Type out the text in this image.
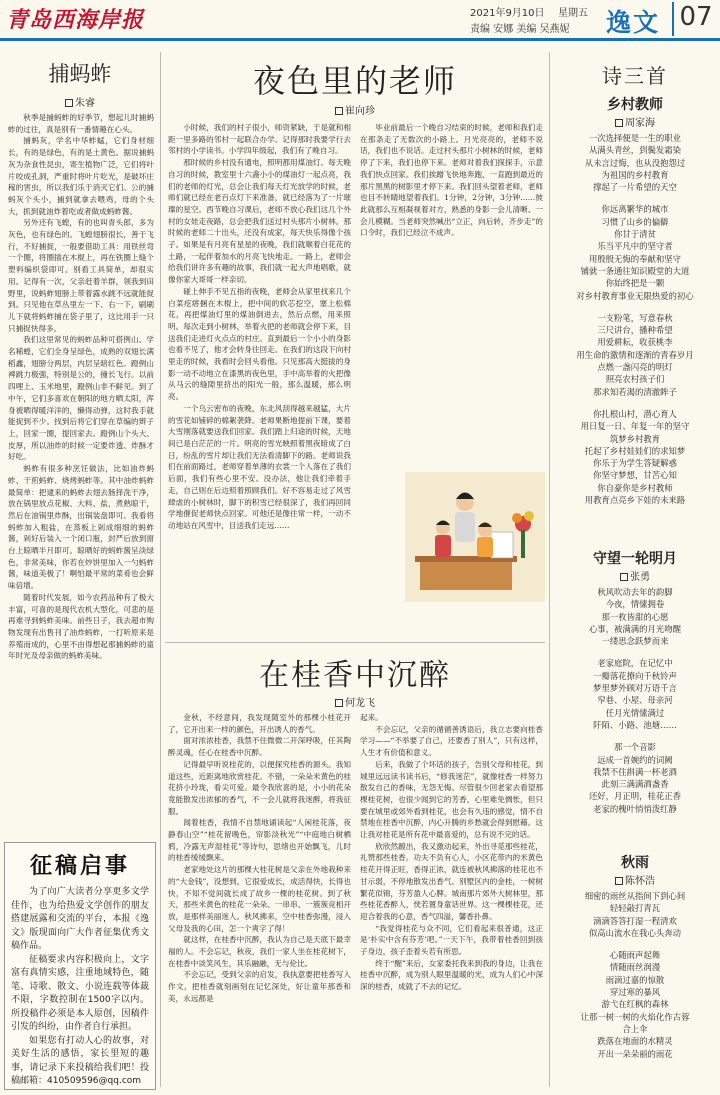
青岛西海岸报	2021年9月10日 星期五
责编 安娜 美编 吴燕妮 逸文 07
捕蚂蚱
朱睿

秋季是捕蚂蚱的好季节，想起儿时捕蚂蚱的过往，真是别有一番情趣在心头。

捕蚂灰，学名中华蚱蜢，它们身材细长，有的是绿色，有的是土黄色。据说捕蚂灰为杂食性昆虫，寄生植物广泛，它们将叶片咬成孔洞，严重时将叶片吃光，是破坏庄稼的害虫，所以我们乐于消灭它们。公的捕蚂灰个头小，捕到就拿去喂鸡，母的个头大，抓到就油炸着吃或者做成蚂蚱酱。

另外还有飞蝗，有的也叫青头郎，多为灰色，也有绿色的。飞蝗翅膀很长，善于飞行，不好捕捉，一般要借助工具：用铁丝弯一个圈，将圈插在木棍上，再在铁圈上缝个塑料编织袋即可。别看工具简单，却很实用。记得有一次，父亲赶着羊群，领我到田野里，说蚂蚱翅膀上带着露水跳不远就能捉到。只见他在草丛里左一下、右一下，刷刷儿下就将蚂蚱捕在袋子里了，这比用手一只只捕捉快得多。

我们这里常见的蚂蚱品种可搭例山、学名稀蝗，它们全身呈绿色，成熟的双翅长满稻鑫，翅膀分两层，内层呈暗红色。蹬例山裨跳力极强，特别是公的，撞长飞行。以前四哩上、玉米地里，蹬例山非不鲜见。到了中午，它们多喜欢在朝阳的地方晒太阳，浑身被晒得暖洋洋的，懒得动弹，这时我手就能捉到不少。找到后将它们穿在草编的辫子上，回家一圈，提回家去。蹬例山个头大、皮厚，所以油炸的时候一定要炸透、炸酥才好吃。

蚂蚱有很多种烹饪做法，比如油炸蚂蚱、干煎蚂蚱、烧烤蚂蚱等。其中油炸蚂蚱最简单：把逮来的蚂蚱去翅去肠择洗干净，放在锅里放点花椒、大料、盐，煮熟晾干，然后在油锅里炸酥，出锅装盘即可。我看将蚂蚱加入粗盐，在蒸板上剁成细细的蚂蚱酱，剁好后装入一个闭口瓶，封严后放到窗台上晾晒半月即可。晾晒好的蚂蚱酱呈淡绿色，非常美味，你若在炒饼里加入一勺蚂蚱酱，味道美极了！啊怕最平常的菜肴也会鲜味倍增。

随着时代发展，如今农药品种有了极大丰富，可喜的是现代农机大型化，可悲的是再难寻到蚂蚱美味。前些日子，我去超市购物发现有出售刊了油炸蚂蚱，一打听原来是养殖而成的，心里不由得想起那捕蚂蚱的童年时光及母亲做的蚂蚱美味。

征稿启事

为了向广大读者分享更多文学佳作，也为给热爱文学创作的朋友搭建展露和交流的平台，本报《逸文》版现面向广大作者征集优秀文稿作品。

征稿要求内容积极向上，文字富有真情实感，注重地域特色，随笔、诗歌、散文、小说连载等体裁不限，字数控制在1500字以内。所投稿件必须是本人原创，因稿件引发的纠纷，由作者自行承担。

如果您有打动人心的故事，对美好生活的感悟，家长里短的趣事，请记录下来投稿给我们吧！投稿邮箱：410509596@qq.com

夜色里的老师
崔向珍

小时候，我们的村子很小，师资紧缺，于是就和相距一里多路的邻村一起联合办学。记得那时我要学行去邻村的小学读书。小学四年级起，我们有了晚自习。

那时候的乡村没有通电，照明都用煤油灯。每天晚自习的时候，教室里十六盏小小的煤油灯一起点亮，我们的老师的灯光，总会让我们每天灯光放学的时候，老师们就已经在老百点灯下来准备，就已经落为了一片璀璨的星空。西节晚自习课后，老师不放心我们这几个外村的女娃走夜路，总会把我们送过村头那片小树林。那时候的老师二十出头，还没有成家，每天快乐得像个孩子。如果是有月亮有星星的夜晚，我们就顺着白花花的土路，一起伴着加水的月亮飞快地走。一路上，老师会给我们讲许多有趣的故事，我们就一起大声地唱歌，就像你家大哥哥一样亲切。

碰上伸手不见五指的夜晚，老师会从家里找来几个白菜疙瘩捆在木棍上，把中间的软芯挖空，塞上松棉花，再把煤油灯里的煤油倒进去，然后点燃，用来照明。每次走到小树林，举着火把的老师就会停下来，目送我们走进灯火点点的村庄。直到最后一个小小的身影也看不见了，他才会转身往回走。在我们的这段下向村里走的时候，我看时会回头看他。只见那高大挺拔的身影一动不动地立在漆黑的夜色里，手中高举着的火把像从马云的缝隙里挤出的阳光一般，那么温暖，那么明亮。

一个乌云密布的夜晚，东北风刮得越来越猛，大片的雪花如铺碎的棉絮袭降。老师果断地提前下课，要着大雪刚落就要送我们回家。我们踏上归途的时候，天地间已是白茫茫的一片。明亮的雪光映照着黑夜暗成了白日，纷乱的雪片却让我们无法看清脚下的路。老师说我们在前面路过，老师穿着单薄的衣裳一个人落在了我们后面，我们有些心里不安。没办法，他让我们牵着手走，自己则在后边照着照顾我们。好不容易走过了风雪肆虐的小树林时，脚下的积雪已经很深了，我们再回同学地催促老师快点回家。可他还是像往常一样，一动不动地站在风雪中，目送我们走远……

毕业前最后一个晚自习结束的时候，老师和我们走在那条走了无数次的小路上。月光亮亮的，老师不说话，我们也不说话。走过村头那片小树林的时候，老师停了下来，我们也停下来。老师对着我们探探手，示意我们快点回家。我们挨蹭飞快地奔跑，一直跑到最近的那片黑黑的树影里才停下来。我们回头望着老师，老师也目不转睛地望着我们。1分钟，2分钟，3分钟……彼此就那么互相凝视着对方，熟悉的身影一会儿清晰、一会儿模糊。当老师突然喊出“立正，向后转，齐步走”的口令时，我们已经泣不成声。

在桂香中沉醉
何龙飞

金秋，不经意间，我发现随室外的那棵小桂花开了，它开出来一样的颜色，开出诱人的香气。

面对浓浓桂香，我禁不住微微二开深呼吸，任其陶醉灵魂，任心在桂香中沉醉。

记得最早听说桂花的，以便探究桂香的源头。我知道这些，近距离地欣赏桂花。不错，一朵朵米黄色的桂花挤小玲珑，看尖可爱。最令我欣喜的是，小小的花朵竟能散发出浓郁的香气，不一会儿就将我迷醉，将我征服。

闻着桂香，我情不自禁地诵读起“人闲桂花落，夜静春山空”“桂花留晚色，帘影淡秋光”“中庭地白树栖鸦，冷露无声湿桂花”等诗句，思绪也开始飘飞，儿时的桂香缓缓飘来。

老家地处这片的那棵大桂花树是父亲在外地栽种来的“大金钱”，没想到，它很爱成长，成活得快，长得也快，不知不觉间就长成了故乡一棵的桂花树。到了秋天，那些米黄色的桂花一朵朵、一串串、一簇簇竞相开放，是那样美丽迷人。秋风拂来，空中桂香弥漫，浸入父母及我的心田，怎一个爽字了得！

就这样，在桂香中沉醉，我认为自己是天底下最幸福的人。不会忘记，秋夜，我们一家人坐在桂花树下，在桂香中谈笑风生，其乐融融，无与伦比。

不会忘记，受到父亲的启发，我执意要把桂香写入作文，把桂香就刻画刻在记忆深处，好让童年那香和美，永远都是

起来。

不会忘记，父亲的循循善诱语后，我立志要向桂香学习——“不举要了自己，还要香了别人”，只有这样，人生才有价值和意义。

后来，我做了个坏话的孩子，告别父母和桂花，到城里远远读书读书后，“修我迷茫”，就像桂香一样努力散发自己的香味，无怨无悔。尽管很少回老家去看望那棵桂花树，也很少闻到它的芳香，心里难免惆怅，但只要在城里或郊外看到桂花，也会有久违的感觉，情不自禁地在桂香中沉醉，内心升腾的乡愁就会得到慰藉。这让我对桂花是所有花中最喜爱的，总有说不完的话。

欣欣然踱出，我又激动起来，外出寻觅那些桂花，礼赞那些桂香。功夫不负有心人，小区花带内的米黄色桂花开得正旺，香得正浓，就连被秋风拂落的桂花也不甘示弱，不停地散发出香气。别墅区内的金桂，一树树繁花似锦，芬芳盈人心脾。城南那片郊外大树林里，那些桂花香醉人，恍若置身童话世界。这一棵棵桂花，还迎合着我的心意，香气四溢，馨香扑鼻。

“我觉得桂花与众不同，它们看起来很普通，这正是‘朴实中含有芬芳’吧。”一天下午，我带着桂香回到孩子身边，孩子歪着头若有所思。

终于“醒”来后，女家委托我来到我的身边，让我在桂香中沉醉，成为别人眼里温暖的光，成为人们心中深深的桂香，成就了不去的记忆。

诗三首
乡村教师
周家海
一次选择便是一生的职业
从满头青丝，到鬓发霜染
从未言过悔，也从没抱怨过
为祖国的乡村教育
撑起了一片希望的天空
你远离繁华的城市
习惯了山乡的偏僻
你甘于清贫
乐当平凡中的坚守者
用殷殷无悔的奉献和坚守
铺就一条通往知识殿堂的大道
你始终把是一颗
对乡村教育事业无限热爱的初心
一支粉笔，写意春秋
三尺讲台，播种希望
用爱耕耘，收获桃李
用生命的激情和逐渐的青春岁月
点燃一盏闪亮的明灯
照亮农村孩子们
那求知若渴的清澈眸子
你扎根山村，潜心育人
用日复一日、年复一年的坚守
筑梦乡村教育
托起了乡村娃娃们的求知梦
你乐于为学生答疑解惑
你坚守梦想，甘苦心知
你自豪你是乡村教师
用教育点亮乡下娃的未来路
守望一轮明月
张勇
秋风吹动去年的韵脚
今夜，情愫拥卷
那一枚皆甜的心愿
心事，被满满的月光吻醒
一缕思念跃梦而来
老家庭院，在记忆中
一瓣落花撩向千秋铃声
梦里梦外顾对万语千言
窄巷、小屋、母亲河
任月光情愫满过
阡陌、小路、池塘……
那一个音影
远成一首婉约的词阙
我禁不住斟满一杯老酒
此刻三满满酒盏香
还好，月正明，桂花正香
老家的槐叶悄悄泼红静
秋雨
陈怀浩
细密的雨丝从指间下到心间
轻轻敲打青瓦
滴滴答答打湿一程清欢
似高山流水在我心头奔动
心随雨声起舞
情随雨丝润漫
雨滴过嘉的惊散
穿过寒的暴风
游弋在红枫的森林
让那一树一树的火焰化作古蓉
合上伞
跌落在地面的水精灵
开出一朵朵丽的雨花
